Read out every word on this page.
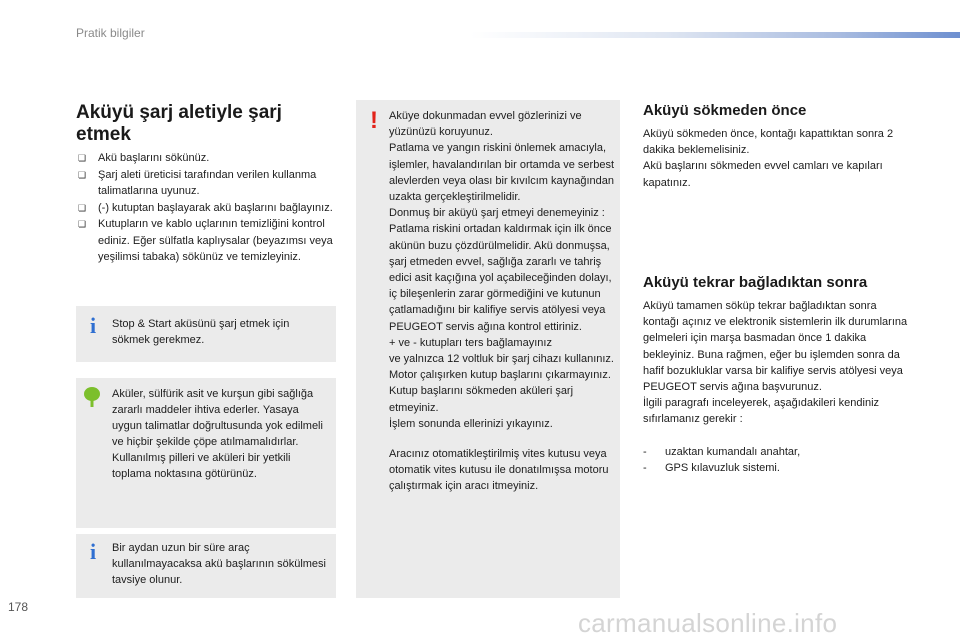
Pratik bilgiler
Aküyü şarj aletiyle şarj etmek
❏ Akü başlarını sökünüz.
❏ Şarj aleti üreticisi tarafından verilen kullanma talimatlarına uyunuz.
❏ (-) kutuptan başlayarak akü başlarını bağlayınız.
❏ Kutupların ve kablo uçlarının temizliğini kontrol ediniz. Eğer sülfatla kaplıysalar (beyazımsı veya yeşilimsi tabaka) sökünüz ve temizleyiniz.
i	Stop & Start aküsünü şarj etmek için sökmek gerekmez.
Aküler, sülfürik asit ve kurşun gibi sağlığa zararlı maddeler ihtiva ederler. Yasaya uygun talimatlar doğrultusunda yok edilmeli ve hiçbir şekilde çöpe atılmamalıdırlar.
Kullanılmış pilleri ve aküleri bir yetkili toplama noktasına götürünüz.
i	Bir aydan uzun bir süre araç kullanılmayacaksa akü başlarının sökülmesi tavsiye olunur.
! Aküye dokunmadan evvel gözlerinizi ve yüzünüzü koruyunuz.
Patlama ve yangın riskini önlemek amacıyla, işlemler, havalandırılan bir ortamda ve serbest alevlerden veya olası bir kıvılcım kaynağından uzakta gerçekleştirilmelidir.
Donmuş bir aküyü şarj etmeyi denemeyiniz : Patlama riskini ortadan kaldırmak için ilk önce akünün buzu çözdürülmelidir. Akü donmuşsa, şarj etmeden evvel, sağlığa zararlı ve tahriş edici asit kaçığına yol açabileceğinden dolayı, iç bileşenlerin zarar görmediğini ve kutunun çatlamadığını bir kalifiye servis atölyesi veya PEUGEOT servis ağına kontrol ettiriniz.
+ ve - kutupları ters bağlamayınız
ve yalnızca 12 voltluk bir şarj cihazı kullanınız.
Motor çalışırken kutup başlarını çıkarmayınız.
Kutup başlarını sökmeden aküleri şarj etmeyiniz.
İşlem sonunda ellerinizi yıkayınız.
Aracınız otomatikleştirilmiş vites kutusu veya otomatik vites kutusu ile donatılmışsa motoru çalıştırmak için aracı itmeyiniz.
Aküyü sökmeden önce
Aküyü sökmeden önce, kontağı kapattıktan sonra 2 dakika beklemelisiniz.
Akü başlarını sökmeden evvel camları ve kapıları kapatınız.
Aküyü tekrar bağladıktan sonra
Aküyü tamamen söküp tekrar bağladıktan sonra kontağı açınız ve elektronik sistemlerin ilk durumlarına gelmeleri için marşa basmadan önce 1 dakika bekleyiniz. Buna rağmen, eğer bu işlemden sonra da hafif bozukluklar varsa bir kalifiye servis atölyesi veya PEUGEOT servis ağına başvurunuz.
İlgili paragrafı inceleyerek, aşağıdakileri kendiniz sıfırlamanız gerekir :
- uzaktan kumandalı anahtar,
- GPS kılavuzluk sistemi.
178
carmanualsonline.info
